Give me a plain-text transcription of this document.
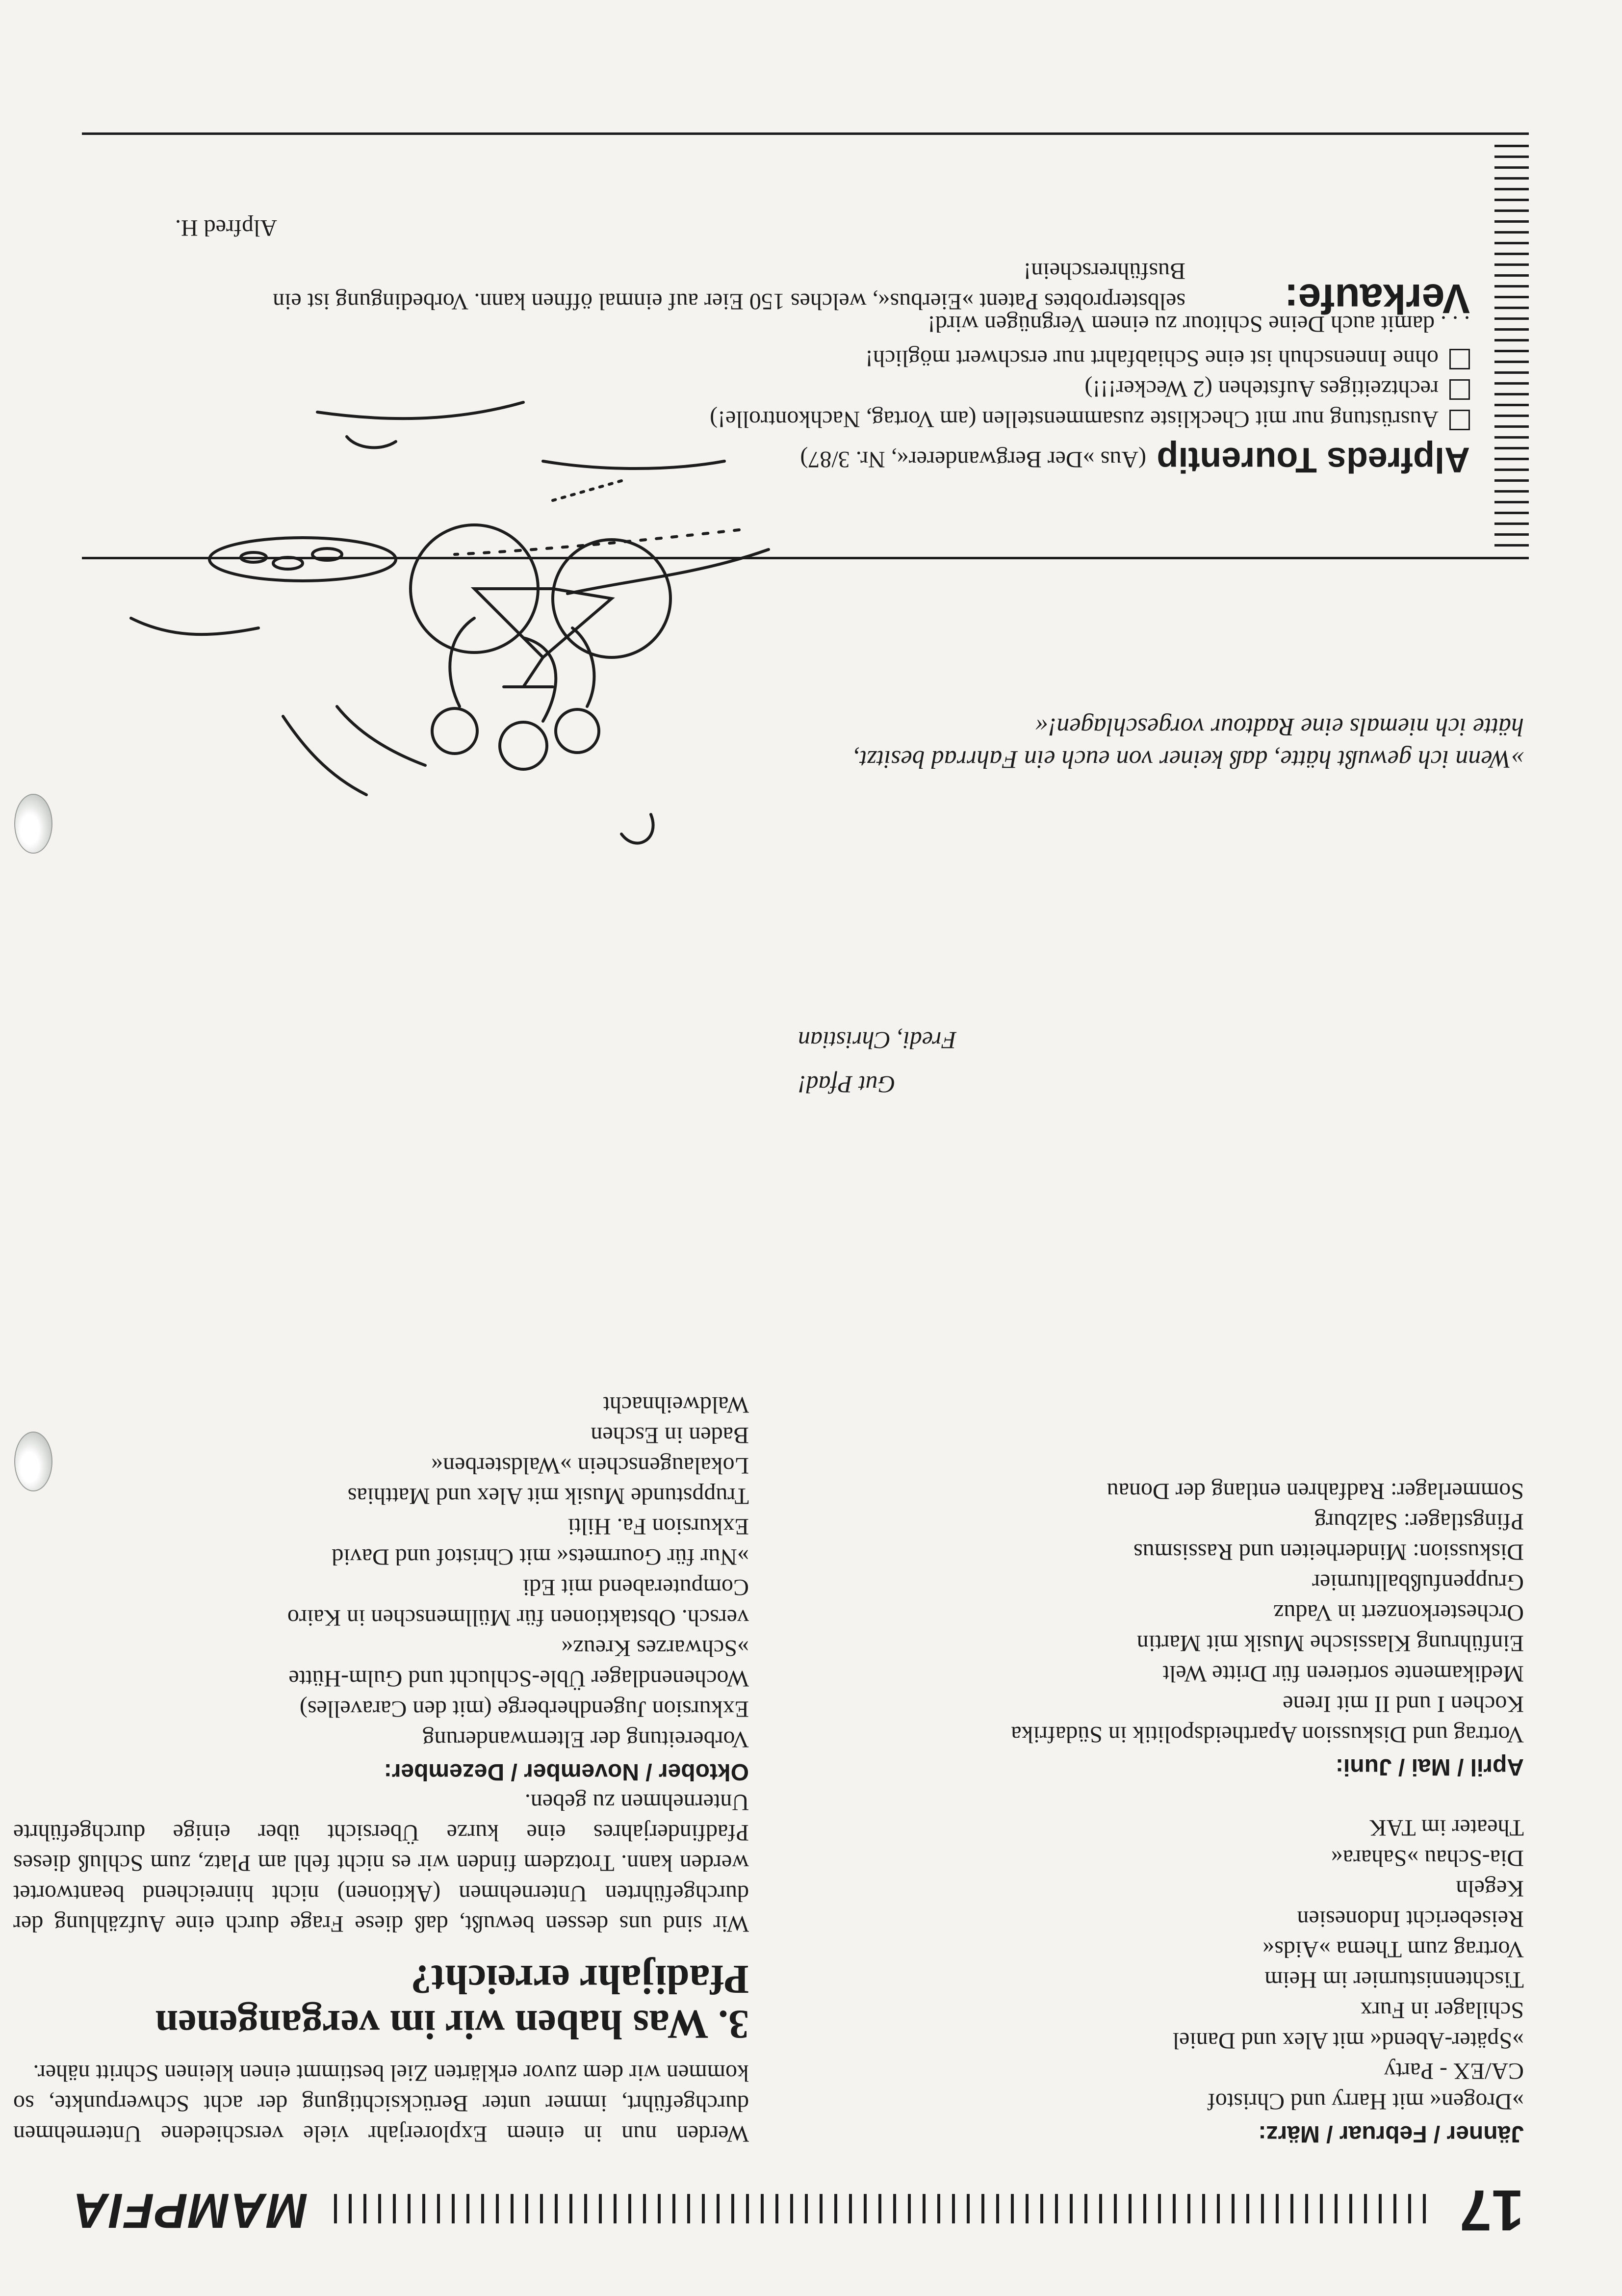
17
MAMPFIA

Werden nun in einem Explorerjahr viele verschiedene Unternehmen durchgeführt, immer unter Berücksichtigung der acht Schwerpunkte, so kommen wir dem zuvor erklärten Ziel bestimmt einen kleinen Schritt näher.

3. Was haben wir im vergangenen Pfadijahr erreicht?

Wir sind uns dessen bewußt, daß diese Frage durch eine Aufzählung der durchgeführten Unternehmen (Aktionen) nicht hinreichend beantwortet werden kann. Trotzdem finden wir es nicht fehl am Platz, zum Schluß dieses Pfadfinderjahres eine kurze Übersicht über einige durchgeführte Unternehmen zu geben.

Oktober / November / Dezember:
Vorbereitung der Elternwanderung
Exkursion Jugendherberge (mit den Caravelles)
Wochenendlager Üble-Schlucht und Gulm-Hütte
»Schwarzes Kreuz«
versch. Obstaktionen für Müllmenschen in Kairo
Computerabend mit Edi
»Nur für Gourmets« mit Christof und David
Exkursion Fa. Hilti
Truppstunde Musik mit Alex und Matthias
Lokalaugenschein »Waldsterben«
Baden in Eschen
Waldweihnacht
Jänner / Februar / März:
»Drogen« mit Harry und Christof
CA/EX - Party
»Später-Abend« mit Alex und Daniel
Schilager in Furx
Tischtennisturnier im Heim
Vortrag zum Thema »Aids«
Reisebericht Indonesien
Kegeln
Dia-Schau »Sahara«
Theater im TAK
April / Mai / Juni:
Vortrag und Diskussion Apartheidspolitik in Südafrika
Kochen I und II mit Irene
Medikamente sortieren für Dritte Welt
Einführung Klassische Musik mit Martin
Orchesterkonzert in Vaduz
Gruppenfußballturnier
Diskussion: Minderheiten und Rassismus
Pfingstlager: Salzburg
Sommerlager: Radfahren entlang der Donau
Gut Pfad!
Fredi, Christian
»Wenn ich gewußt hätte, daß keiner von euch ein Fahrrad besitzt, hätte ich niemals eine Radtour vorgeschlagen!«
Alpfreds Tourentip
(Aus »Der Bergwanderer«, Nr. 3/87)
Ausrüstung nur mit Checkliste zusammenstellen (am Vortag, Nachkontrolle!)
rechtzeitiges Aufstehen (2 Wecker!!!)
ohne Innenschuh ist eine Schiabfahrt nur erschwert möglich!
. . . damit auch Deine Schitour zu einem Vergnügen wird!
Verkaufe:
selbsterprobtes Patent »Eierbus«, welches 150 Eier auf einmal öffnen kann. Vorbedingung ist ein Busführerschein!
Alpfred H.
